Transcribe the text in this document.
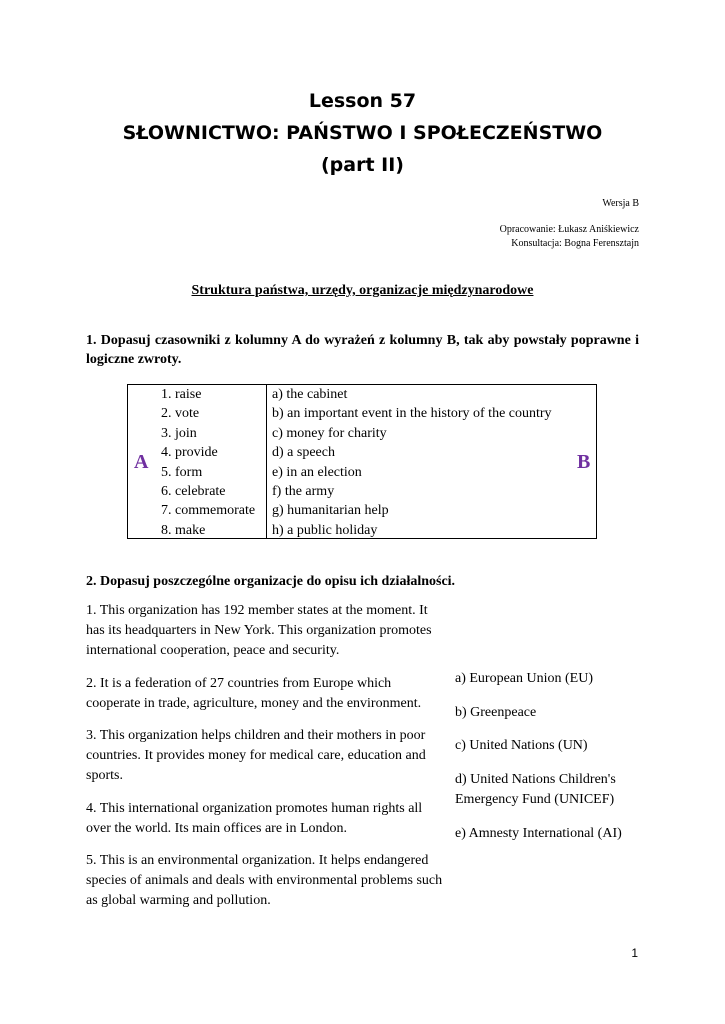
Lesson 57
SŁOWNICTWO: PAŃSTWO I SPOŁECZEŃSTWO
(part II)
Wersja B
Opracowanie: Łukasz Aniśkiewicz
Konsultacja: Bogna Ferensztajn
Struktura państwa, urzędy, organizacje międzynarodowe
1. Dopasuj czasowniki z kolumny A do wyrażeń z kolumny B, tak aby powstały poprawne i logiczne zwroty.
A
1. raise
2. vote
3. join
4. provide
5. form
6. celebrate
7. commemorate
8. make
a) the cabinet
b) an important event in the history of the country
c) money for charity
d) a speech
e) in an election
f) the army
g) humanitarian help
h) a public holiday
B
2. Dopasuj poszczególne organizacje do opisu ich działalności.
1. This organization has 192 member states at the moment. It has its headquarters in New York. This organization promotes international cooperation, peace and security.
2. It is a federation of 27 countries from Europe which cooperate in trade, agriculture, money and the environment.
3. This organization helps children and their mothers in poor countries. It provides money for medical care, education and sports.
4. This international organization promotes human rights all over the world. Its main offices are in London.
5. This is an environmental organization. It helps endangered species of animals and deals with environmental problems such as global warming and pollution.
a) European Union (EU)
b) Greenpeace
c) United Nations (UN)
d) United Nations Children's Emergency Fund (UNICEF)
e) Amnesty International (AI)
1
